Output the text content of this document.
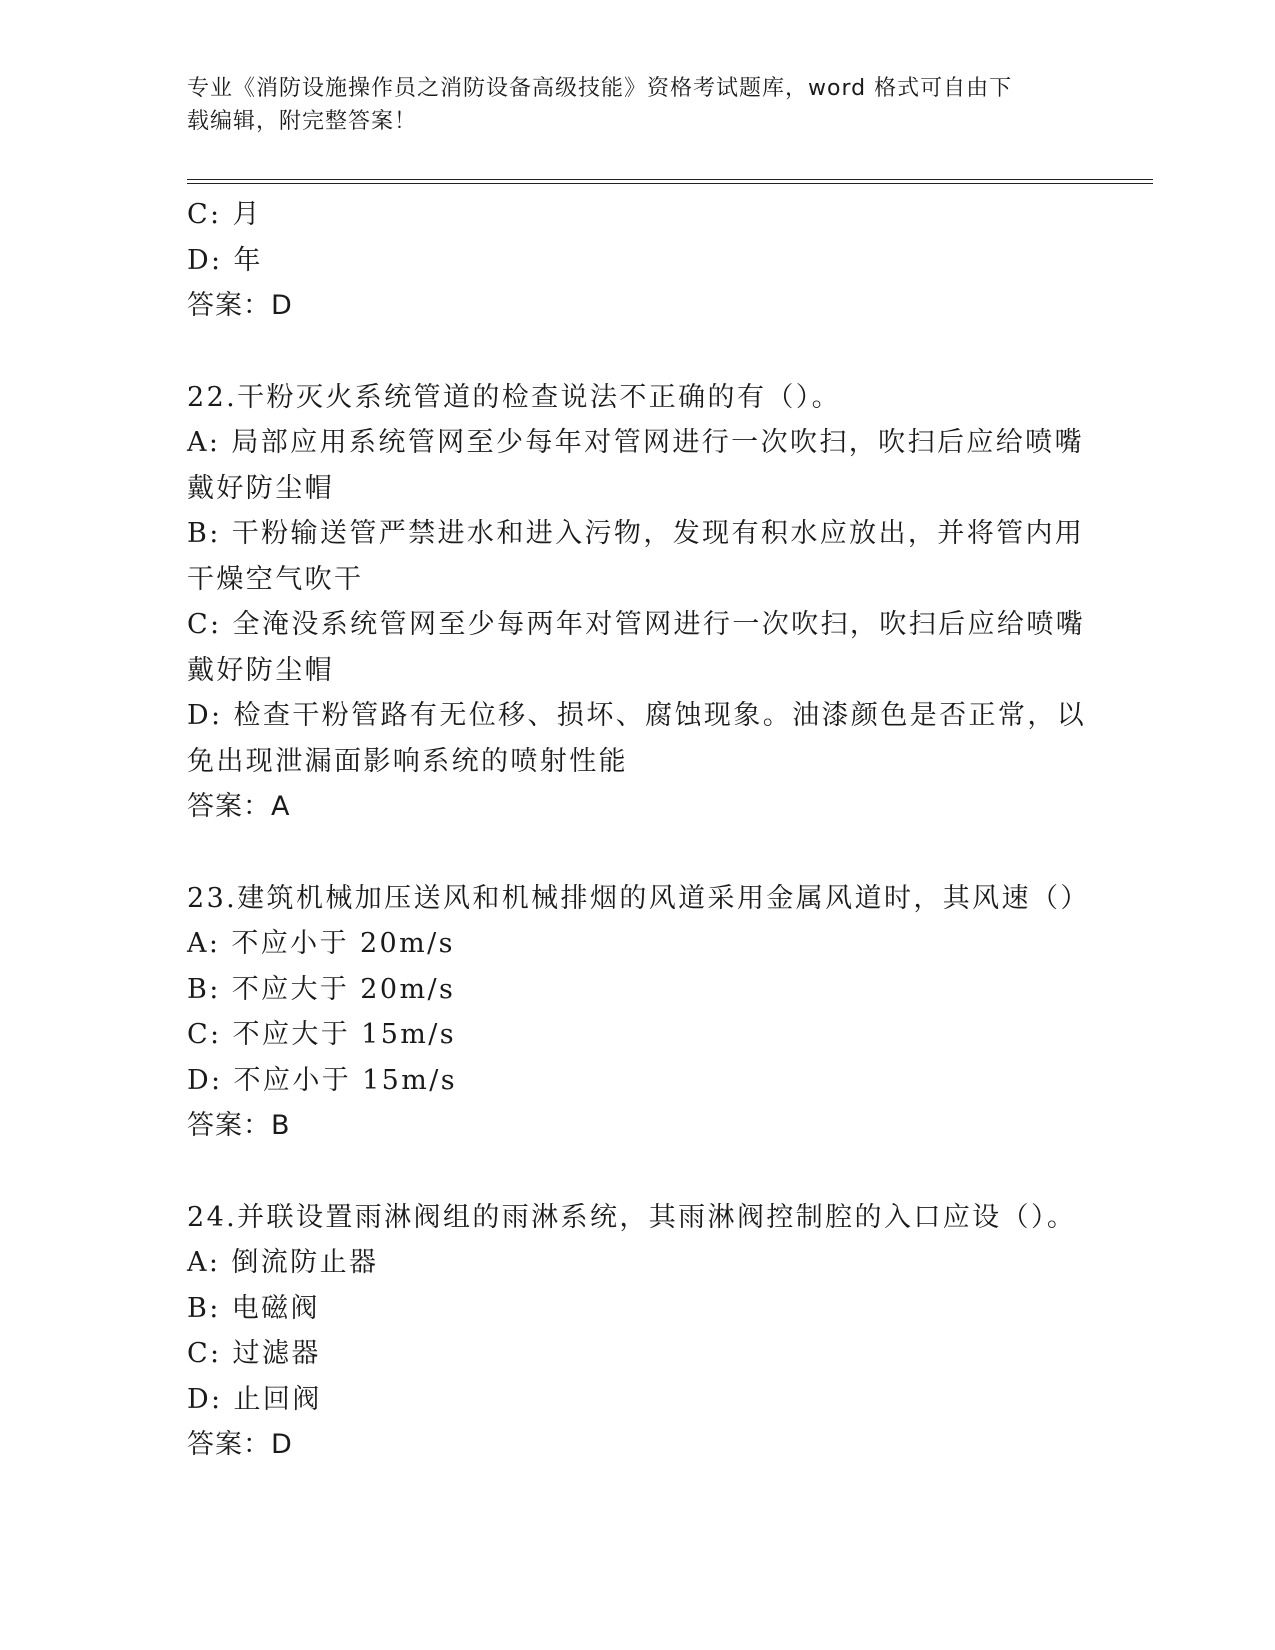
专业《消防设施操作员之消防设备高级技能》资格考试题库，word 格式可自由下
载编辑，附完整答案！
C: 月
D: 年
答案：D
22.干粉灭火系统管道的检查说法不正确的有（）。
A: 局部应用系统管网至少每年对管网进行一次吹扫，吹扫后应给喷嘴
戴好防尘帽
B: 干粉输送管严禁进水和进入污物，发现有积水应放出，并将管内用
干燥空气吹干
C: 全淹没系统管网至少每两年对管网进行一次吹扫，吹扫后应给喷嘴
戴好防尘帽
D: 检查干粉管路有无位移、损坏、腐蚀现象。油漆颜色是否正常，以
免出现泄漏面影响系统的喷射性能
答案：A
23.建筑机械加压送风和机械排烟的风道采用金属风道时，其风速（）
A: 不应小于 20m/s
B: 不应大于 20m/s
C: 不应大于 15m/s
D: 不应小于 15m/s
答案：B
24.并联设置雨淋阀组的雨淋系统，其雨淋阀控制腔的入口应设（）。
A: 倒流防止器
B: 电磁阀
C: 过滤器
D: 止回阀
答案：D
